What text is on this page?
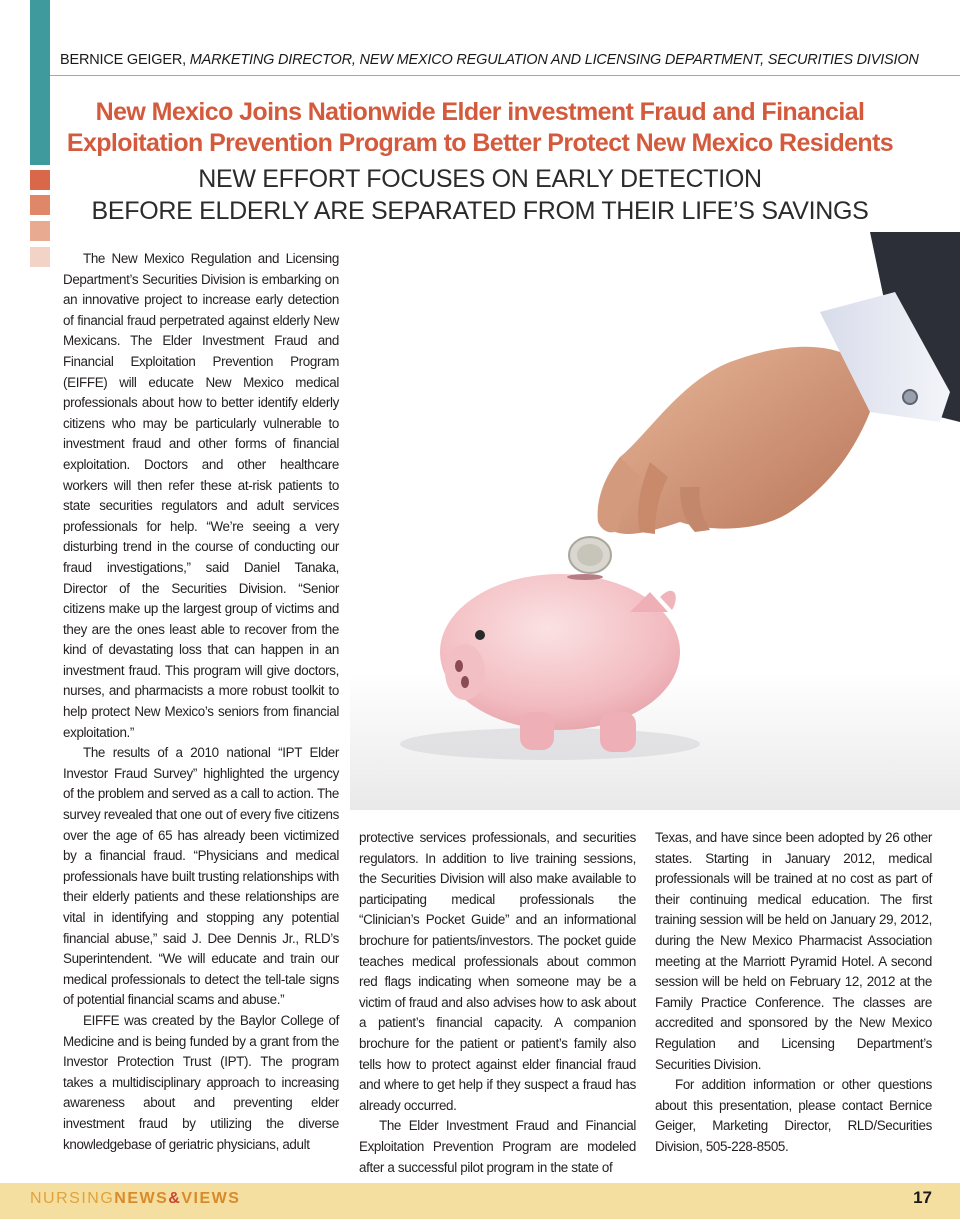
BERNICE GEIGER, MARKETING DIRECTOR, NEW MEXICO REGULATION AND LICENSING DEPARTMENT, SECURITIES DIVISION
New Mexico Joins Nationwide Elder investment Fraud and Financial
Exploitation Prevention Program to Better Protect New Mexico Residents
NEW EFFORT FOCUSES ON EARLY DETECTION
BEFORE ELDERLY ARE SEPARATED FROM THEIR LIFE’S SAVINGS

The New Mexico Regulation and Licensing Department’s Securities Division is embarking on an innovative project to increase early detection of financial fraud perpetrated against elderly New Mexicans. The Elder Investment Fraud and Financial Exploitation Prevention Program (EIFFE) will educate New Mexico medical professionals about how to better identify elderly citizens who may be particularly vulnerable to investment fraud and other forms of financial exploitation. Doctors and other healthcare workers will then refer these at-risk patients to state securities regulators and adult services professionals for help. “We’re seeing a very disturbing trend in the course of conducting our fraud investigations,” said Daniel Tanaka, Director of the Securities Division. “Senior citizens make up the largest group of victims and they are the ones least able to recover from the kind of devastating loss that can happen in an investment fraud. This program will give doctors, nurses, and pharmacists a more robust toolkit to help protect New Mexico’s seniors from financial exploitation.”

The results of a 2010 national “IPT Elder Investor Fraud Survey” highlighted the urgency of the problem and served as a call to action. The survey revealed that one out of every five citizens over the age of 65 has already been victimized by a financial fraud. “Physicians and medical professionals have built trusting relationships with their elderly patients and these relationships are vital in identifying and stopping any potential financial abuse,” said J. Dee Dennis Jr., RLD’s Superintendent. “We will educate and train our medical professionals to detect the tell-tale signs of potential financial scams and abuse.”

EIFFE was created by the Baylor College of Medicine and is being funded by a grant from the Investor Protection Trust (IPT). The program takes a multidisciplinary approach to increasing awareness about and preventing elder investment fraud by utilizing the diverse knowledgebase of geriatric physicians, adult

protective services professionals, and securities regulators. In addition to live training sessions, the Securities Division will also make available to participating medical professionals the “Clinician’s Pocket Guide” and an informational brochure for patients/investors. The pocket guide teaches medical professionals about common red flags indicating when someone may be a victim of fraud and also advises how to ask about a patient’s financial capacity. A companion brochure for the patient or patient’s family also tells how to protect against elder financial fraud and where to get help if they suspect a fraud has already occurred.

The Elder Investment Fraud and Financial Exploitation Prevention Program are modeled after a successful pilot program in the state of

Texas, and have since been adopted by 26 other states. Starting in January 2012, medical professionals will be trained at no cost as part of their continuing medical education. The first training session will be held on January 29, 2012, during the New Mexico Pharmacist Association meeting at the Marriott Pyramid Hotel. A second session will be held on February 12, 2012 at the Family Practice Conference. The classes are accredited and sponsored by the New Mexico Regulation and Licensing Department’s Securities Division.

For addition information or other questions about this presentation, please contact Bernice Geiger, Marketing Director, RLD/Securities Division, 505-228-8505.

NURSINGNEWS&VIEWS	17
